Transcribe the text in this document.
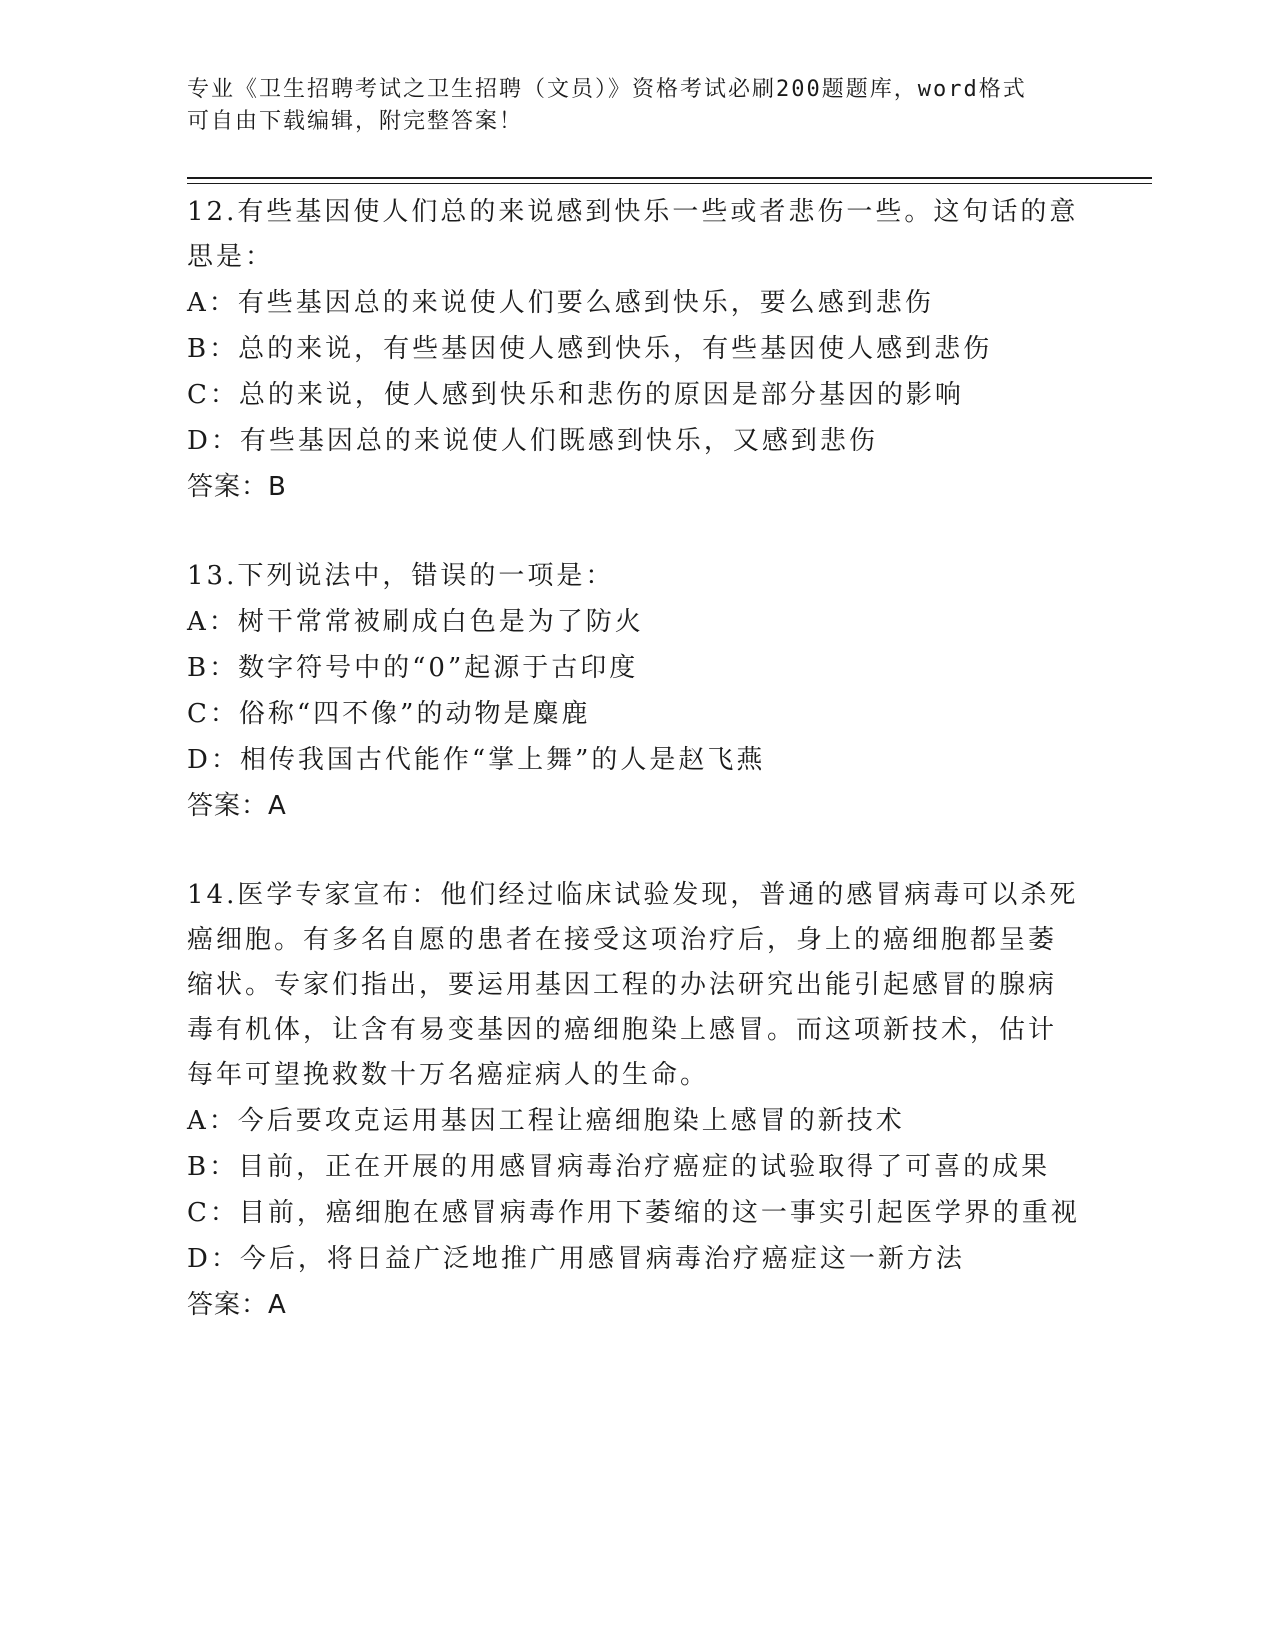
专业《卫生招聘考试之卫生招聘（文员）》资格考试必刷200题题库，word格式
可自由下载编辑，附完整答案！

12.有些基因使人们总的来说感到快乐一些或者悲伤一些。这句话的意

思是：

A：有些基因总的来说使人们要么感到快乐，要么感到悲伤

B：总的来说，有些基因使人感到快乐，有些基因使人感到悲伤

C：总的来说，使人感到快乐和悲伤的原因是部分基因的影响

D：有些基因总的来说使人们既感到快乐，又感到悲伤

答案：B

13.下列说法中，错误的一项是：

A：树干常常被刷成白色是为了防火

B：数字符号中的“0”起源于古印度

C：俗称“四不像”的动物是麋鹿

D：相传我国古代能作“掌上舞”的人是赵飞燕

答案：A

14.医学专家宣布：他们经过临床试验发现，普通的感冒病毒可以杀死

癌细胞。有多名自愿的患者在接受这项治疗后，身上的癌细胞都呈萎

缩状。专家们指出，要运用基因工程的办法研究出能引起感冒的腺病

毒有机体，让含有易变基因的癌细胞染上感冒。而这项新技术，估计

每年可望挽救数十万名癌症病人的生命。

A：今后要攻克运用基因工程让癌细胞染上感冒的新技术

B：目前，正在开展的用感冒病毒治疗癌症的试验取得了可喜的成果

C：目前，癌细胞在感冒病毒作用下萎缩的这一事实引起医学界的重视

D：今后，将日益广泛地推广用感冒病毒治疗癌症这一新方法

答案：A
